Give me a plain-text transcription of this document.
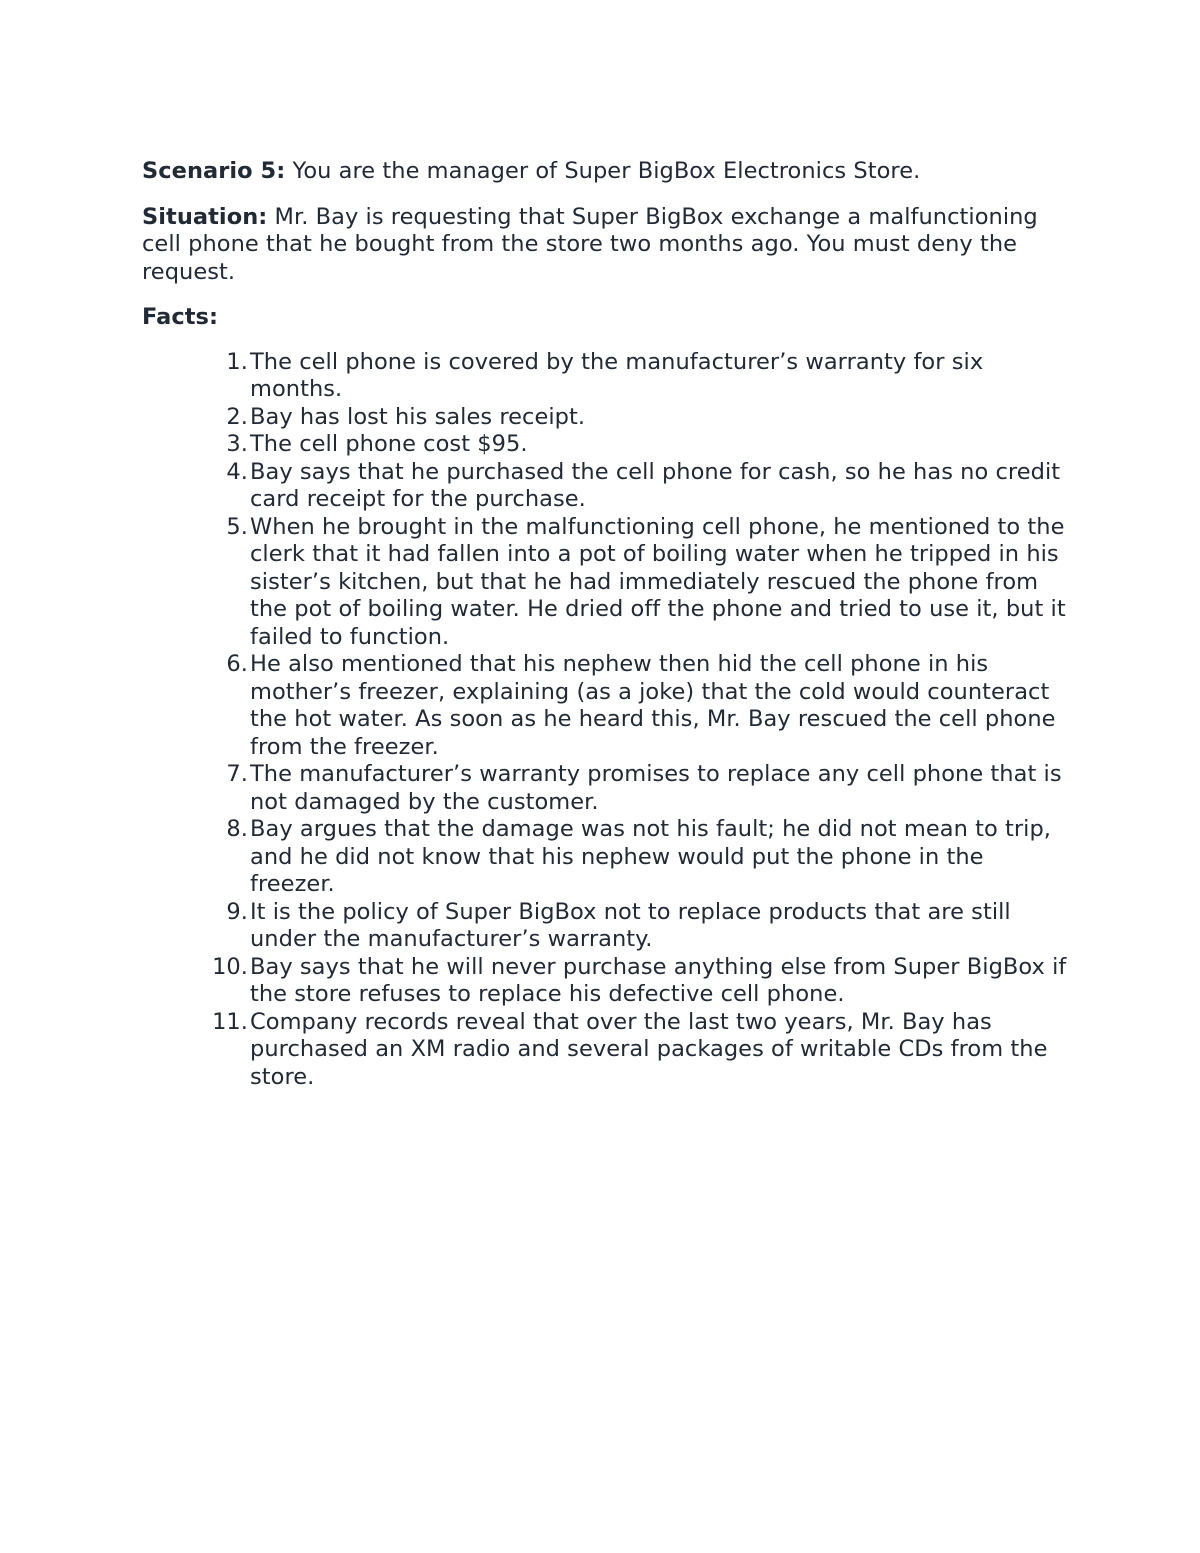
Scenario 5: You are the manager of Super BigBox Electronics Store.

Situation: Mr. Bay is requesting that Super BigBox exchange a malfunctioning cell phone that he bought from the store two months ago. You must deny the request.

Facts:

1. The cell phone is covered by the manufacturer’s warranty for six months.
2. Bay has lost his sales receipt.
3. The cell phone cost $95.
4. Bay says that he purchased the cell phone for cash, so he has no credit card receipt for the purchase.
5. When he brought in the malfunctioning cell phone, he mentioned to the clerk that it had fallen into a pot of boiling water when he tripped in his sister’s kitchen, but that he had immediately rescued the phone from the pot of boiling water. He dried off the phone and tried to use it, but it failed to function.
6. He also mentioned that his nephew then hid the cell phone in his mother’s freezer, explaining (as a joke) that the cold would counteract the hot water. As soon as he heard this, Mr. Bay rescued the cell phone from the freezer.
7. The manufacturer’s warranty promises to replace any cell phone that is not damaged by the customer.
8. Bay argues that the damage was not his fault; he did not mean to trip, and he did not know that his nephew would put the phone in the freezer.
9. It is the policy of Super BigBox not to replace products that are still under the manufacturer’s warranty.
10. Bay says that he will never purchase anything else from Super BigBox if the store refuses to replace his defective cell phone.
11. Company records reveal that over the last two years, Mr. Bay has purchased an XM radio and several packages of writable CDs from the store.
